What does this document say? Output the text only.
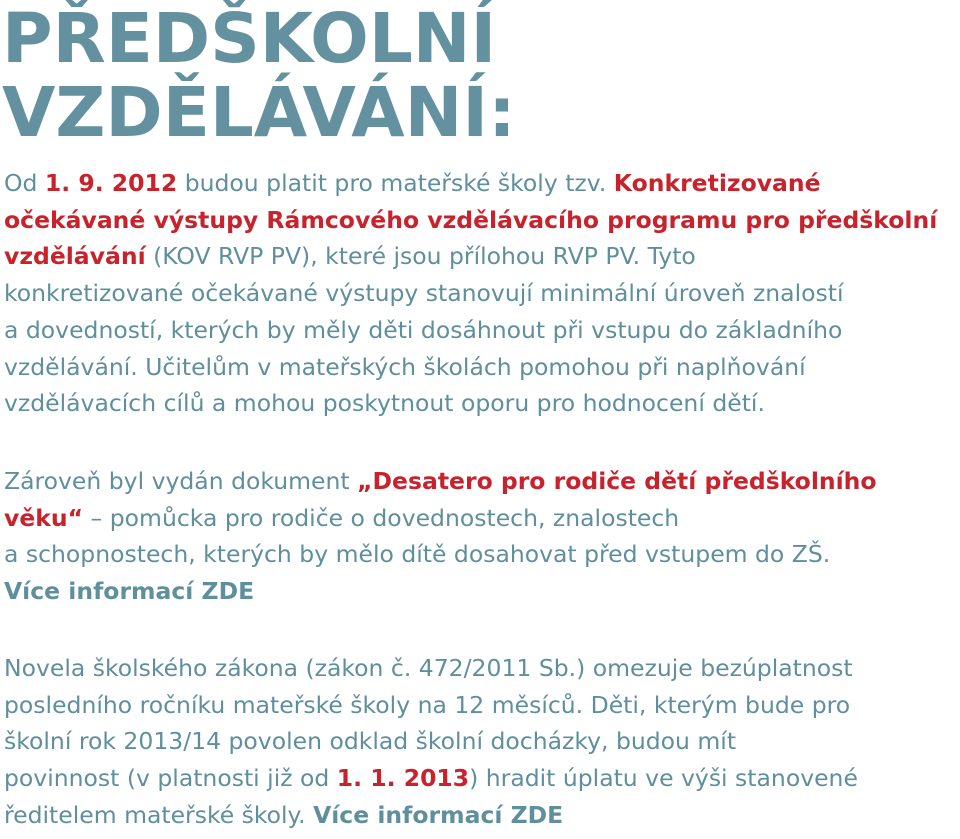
PŘEDŠKOLNÍ
VZDĚLÁVÁNÍ:

Od 1. 9. 2012 budou platit pro mateřské školy tzv. Konkretizované
očekávané výstupy Rámcového vzdělávacího programu pro předškolní
vzdělávání (KOV RVP PV), které jsou přílohou RVP PV. Tyto
konkretizované očekávané výstupy stanovují minimální úroveň znalostí
a dovedností, kterých by měly děti dosáhnout při vstupu do základního
vzdělávání. Učitelům v mateřských školách pomohou při naplňování
vzdělávacích cílů a mohou poskytnout oporu pro hodnocení dětí.

Zároveň byl vydán dokument „Desatero pro rodiče dětí předškolního
věku“ – pomůcka pro rodiče o dovednostech, znalostech
a schopnostech, kterých by mělo dítě dosahovat před vstupem do ZŠ.
Více informací ZDE

Novela školského zákona (zákon č. 472/2011 Sb.) omezuje bezúplatnost
posledního ročníku mateřské školy na 12 měsíců. Děti, kterým bude pro
školní rok 2013/14 povolen odklad školní docházky, budou mít
povinnost (v platnosti již od 1. 1. 2013) hradit úplatu ve výši stanovené
ředitelem mateřské školy. Více informací ZDE
